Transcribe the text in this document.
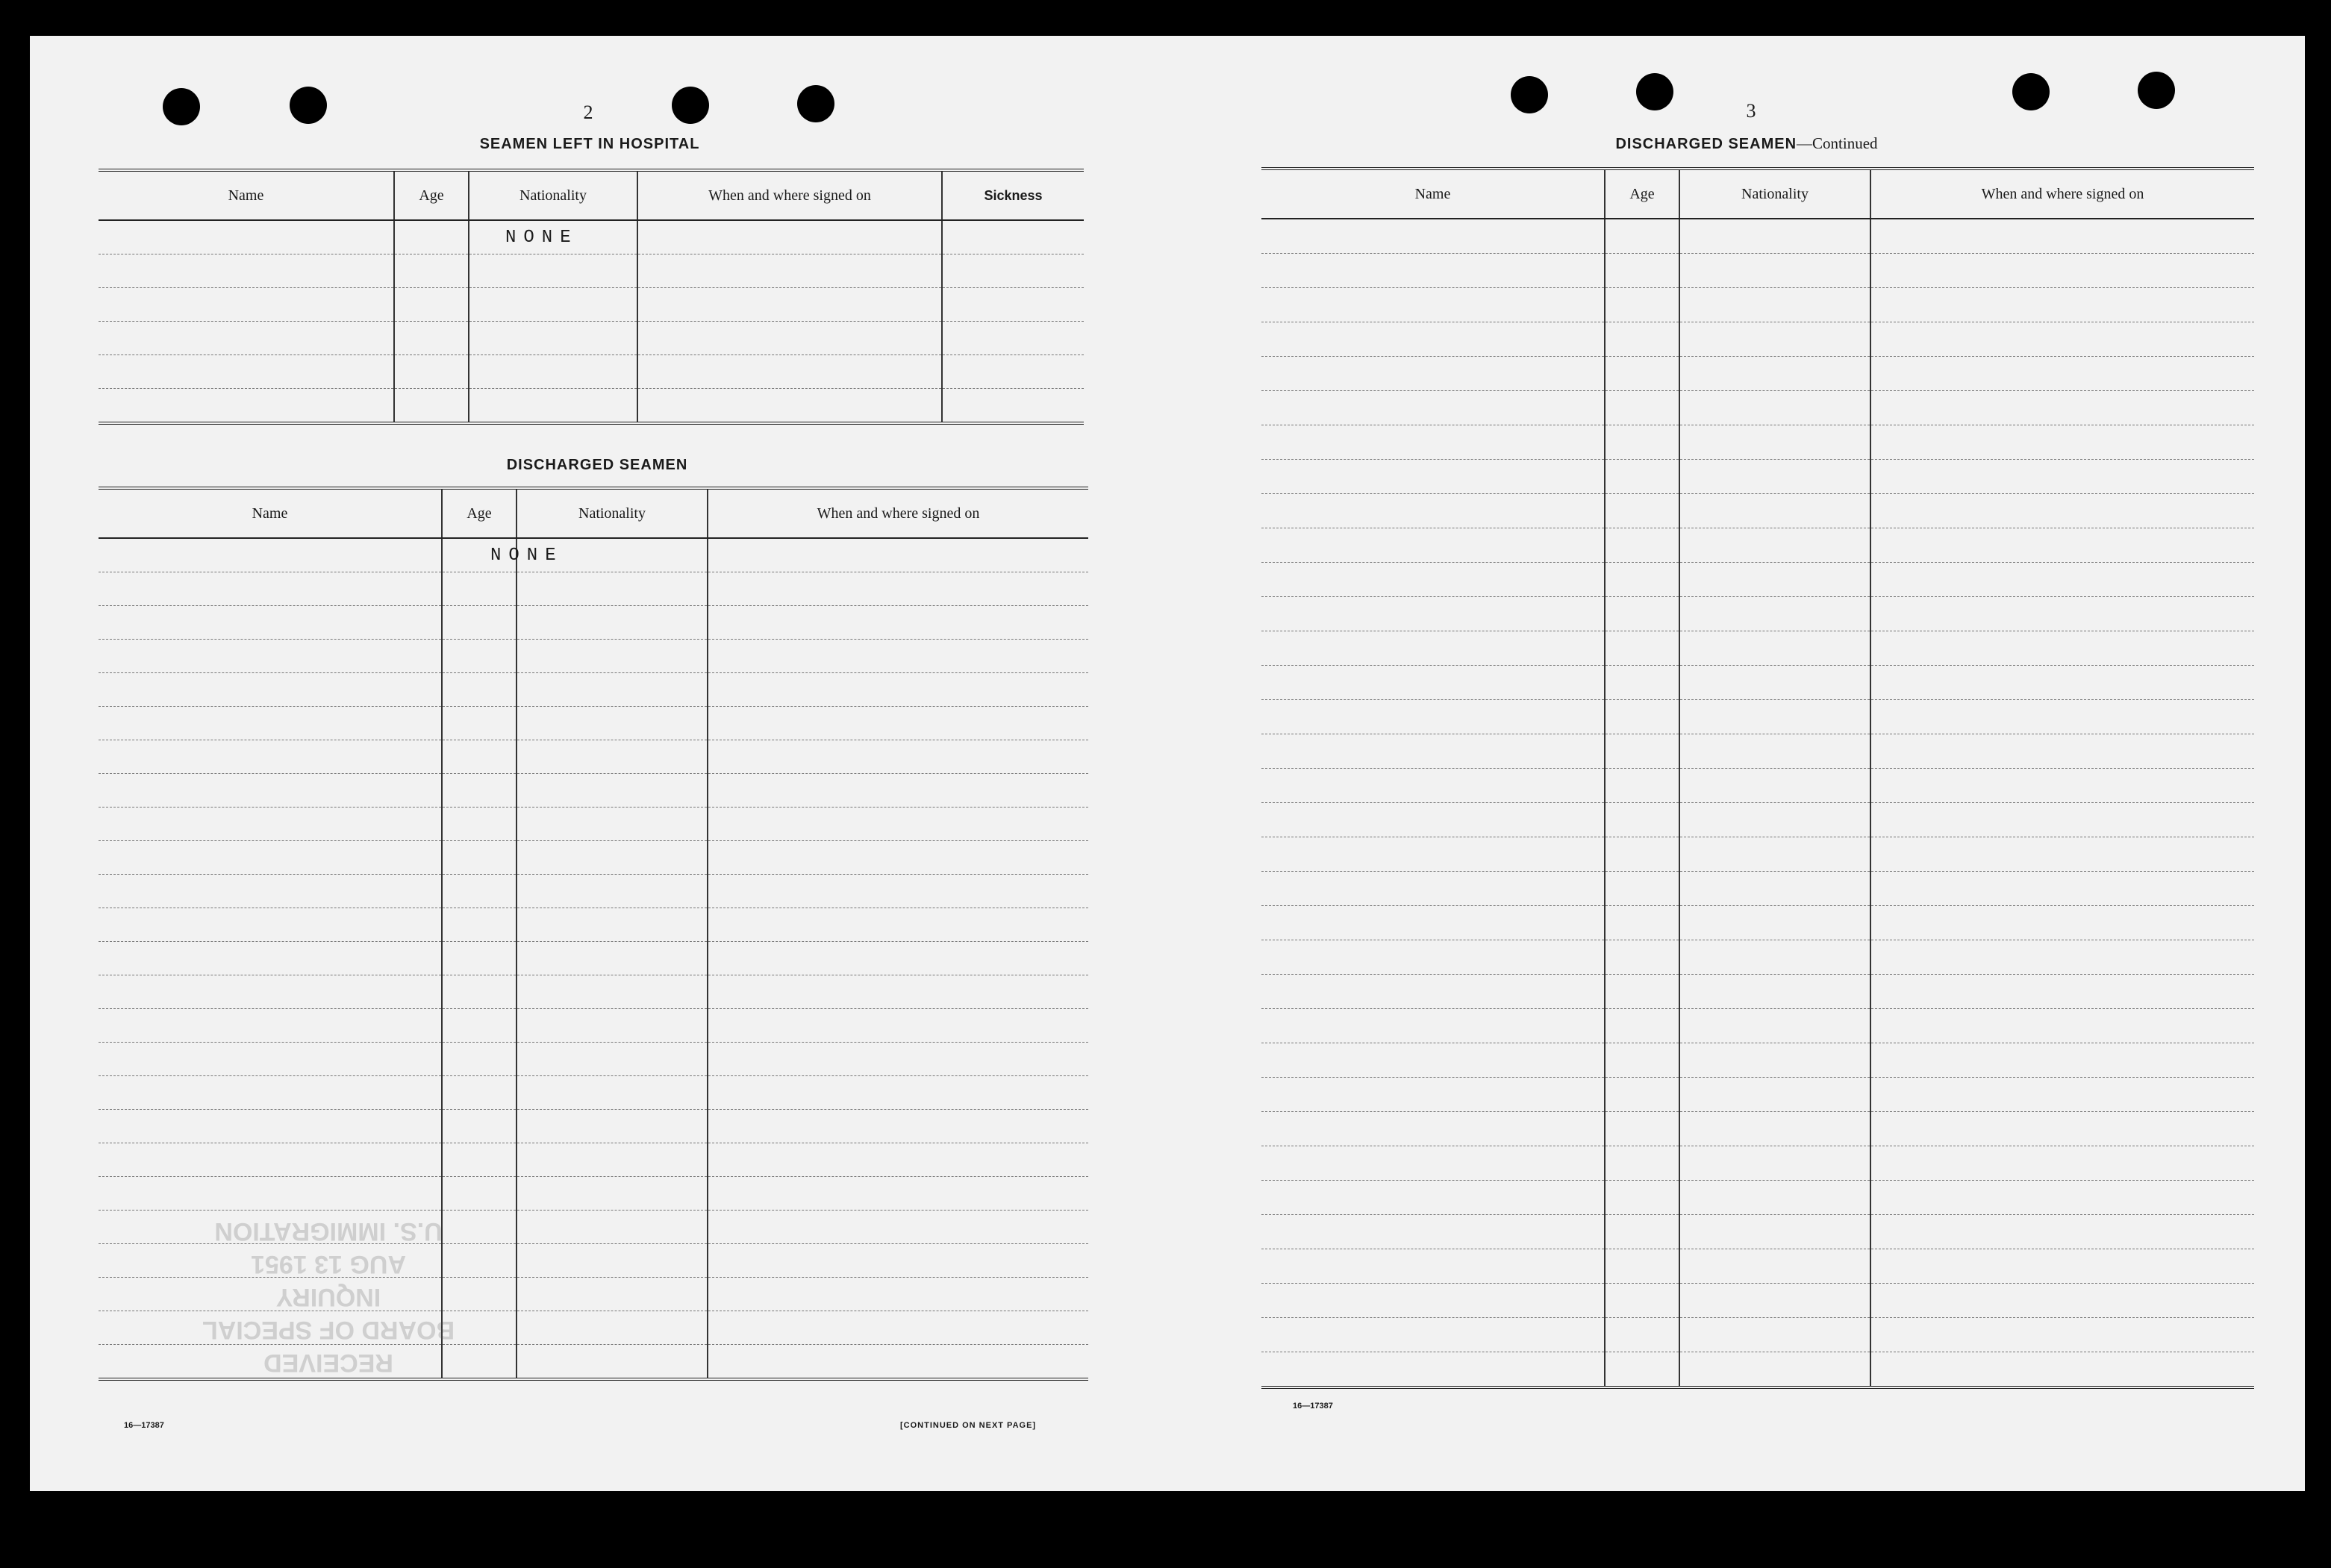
2
SEAMEN LEFT IN HOSPITAL
Name	Age	Nationality	When and where signed on	Sickness
		NONE		

DISCHARGED SEAMEN
Name	Age	Nationality	When and where signed on
	NONE		

RECEIVED
BOARD OF SPECIAL
INQUIRY
AUG 13 1951
U.S. IMMIGRATION
16—17387	[CONTINUED ON NEXT PAGE]
3
DISCHARGED SEAMEN—Continued
Name	Age	Nationality	When and where signed on

16—17387
